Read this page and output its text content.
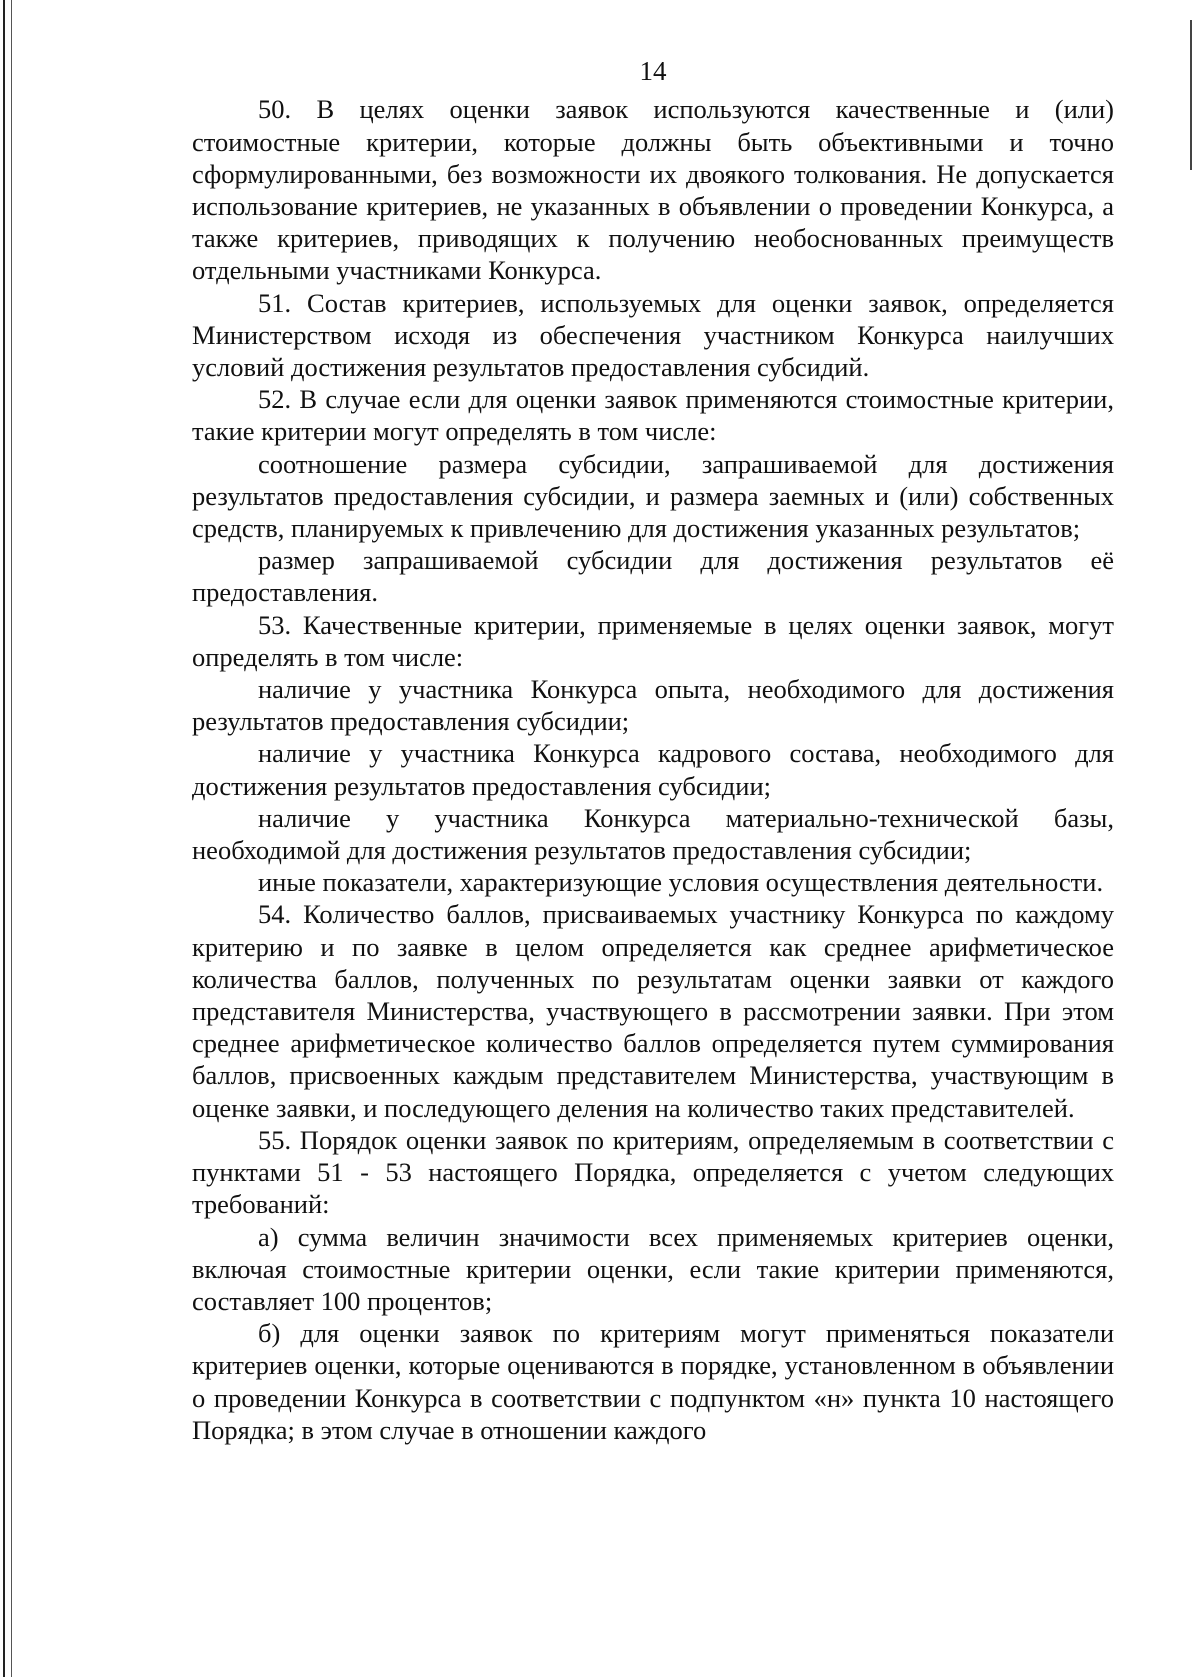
14

50. В целях оценки заявок используются качественные и (или) стоимостные критерии, которые должны быть объективными и точно сформулированными, без возможности их двоякого толкования. Не допускается использование критериев, не указанных в объявлении о проведении Конкурса, а также критериев, приводящих к получению необоснованных преимуществ отдельными участниками Конкурса.

51. Состав критериев, используемых для оценки заявок, определяется Министерством исходя из обеспечения участником Конкурса наилучших условий достижения результатов предоставления субсидий.

52. В случае если для оценки заявок применяются стоимостные критерии, такие критерии могут определять в том числе:

соотношение размера субсидии, запрашиваемой для достижения результатов предоставления субсидии, и размера заемных и (или) собственных средств, планируемых к привлечению для достижения указанных результатов;

размер запрашиваемой субсидии для достижения результатов её предоставления.

53. Качественные критерии, применяемые в целях оценки заявок, могут определять в том числе:

наличие у участника Конкурса опыта, необходимого для достижения результатов предоставления субсидии;

наличие у участника Конкурса кадрового состава, необходимого для достижения результатов предоставления субсидии;

наличие у участника Конкурса материально-технической базы, необходимой для достижения результатов предоставления субсидии;

иные показатели, характеризующие условия осуществления деятельности.

54. Количество баллов, присваиваемых участнику Конкурса по каждому критерию и по заявке в целом определяется как среднее арифметическое количества баллов, полученных по результатам оценки заявки от каждого представителя Министерства, участвующего в рассмотрении заявки. При этом среднее арифметическое количество баллов определяется путем суммирования баллов, присвоенных каждым представителем Министерства, участвующим в оценке заявки, и последующего деления на количество таких представителей.

55. Порядок оценки заявок по критериям, определяемым в соответствии с пунктами 51 - 53 настоящего Порядка, определяется с учетом следующих требований:

а) сумма величин значимости всех применяемых критериев оценки, включая стоимостные критерии оценки, если такие критерии применяются, составляет 100 процентов;

б) для оценки заявок по критериям могут применяться показатели критериев оценки, которые оцениваются в порядке, установленном в объявлении о проведении Конкурса в соответствии с подпунктом «н» пункта 10 настоящего Порядка; в этом случае в отношении каждого
